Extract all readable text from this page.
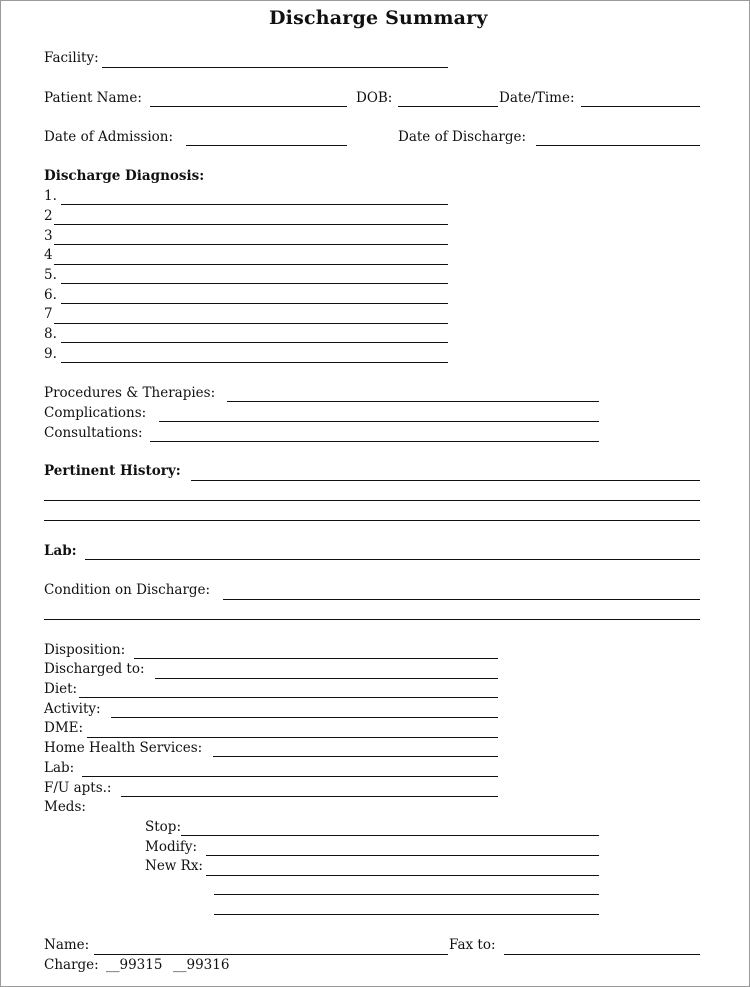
Discharge Summary
Facility:
Patient Name:	DOB:	Date/Time:
Date of Admission:	Date of Discharge:
Discharge Diagnosis:
1.
2
3
4
5.
6.
7
8.
9.
Procedures & Therapies:
Complications:
Consultations:
Pertinent History:
Lab:
Condition on Discharge:
Disposition:
Discharged to:
Diet:
Activity:
DME:
Home Health Services:
Lab:
F/U apts.:
Meds:
Stop:
Modify:
New Rx:
Name:	Fax to:
Charge: __99315 __99316
